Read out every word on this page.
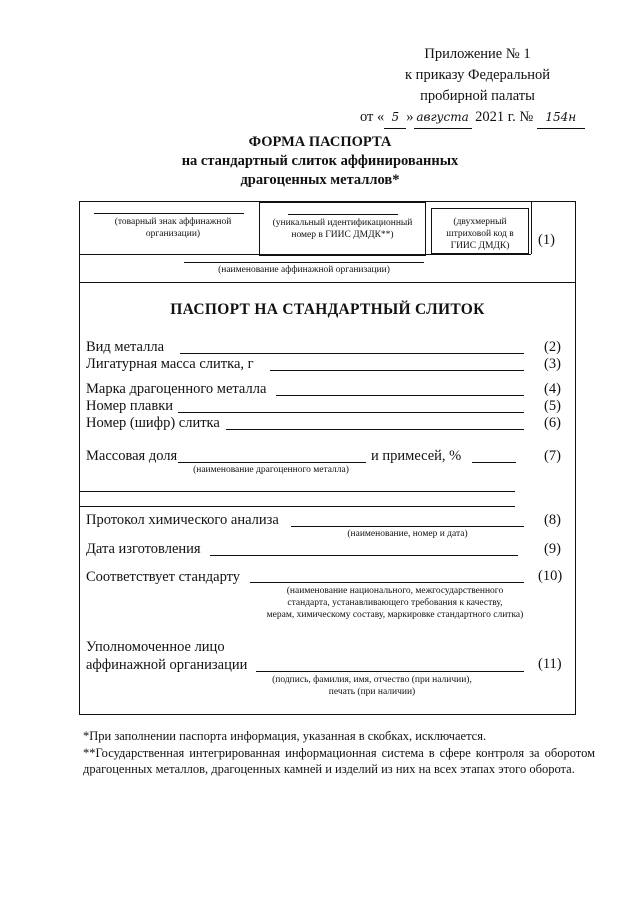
Приложение № 1
к приказу Федеральной
пробирной палаты
от « 5 » августа 2021 г. № 154н
ФОРМА ПАСПОРТА
на стандартный слиток аффинированных
драгоценных металлов*
(товарный знак аффинажной организации)
(уникальный идентификационный номер в ГИИС ДМДК**)
(двухмерный штриховой код в ГИИС ДМДК)	(1)
(наименование аффинажной организации)
ПАСПОРТ НА СТАНДАРТНЫЙ СЛИТОК
Вид металла	(2)
Лигатурная масса слитка, г	(3)
Марка драгоценного металла	(4)
Номер плавки	(5)
Номер (шифр) слитка	(6)
Массовая доля	и примесей, %	(7)
(наименование драгоценного металла)
Протокол химического анализа	(8)
(наименование, номер и дата)
Дата изготовления	(9)
Соответствует стандарту	(10)
(наименование национального, межгосударственного
стандарта, устанавливающего требования к качеству,
мерам, химическому составу, маркировке стандартного слитка)
Уполномоченное лицо
аффинажной организации	(11)
(подпись, фамилия, имя, отчество (при наличии),
печать (при наличии)
*При заполнении паспорта информация, указанная в скобках, исключается.
**Государственная интегрированная информационная система в сфере контроля за оборотом драгоценных металлов, драгоценных камней и изделий из них на всех этапах этого оборота.
